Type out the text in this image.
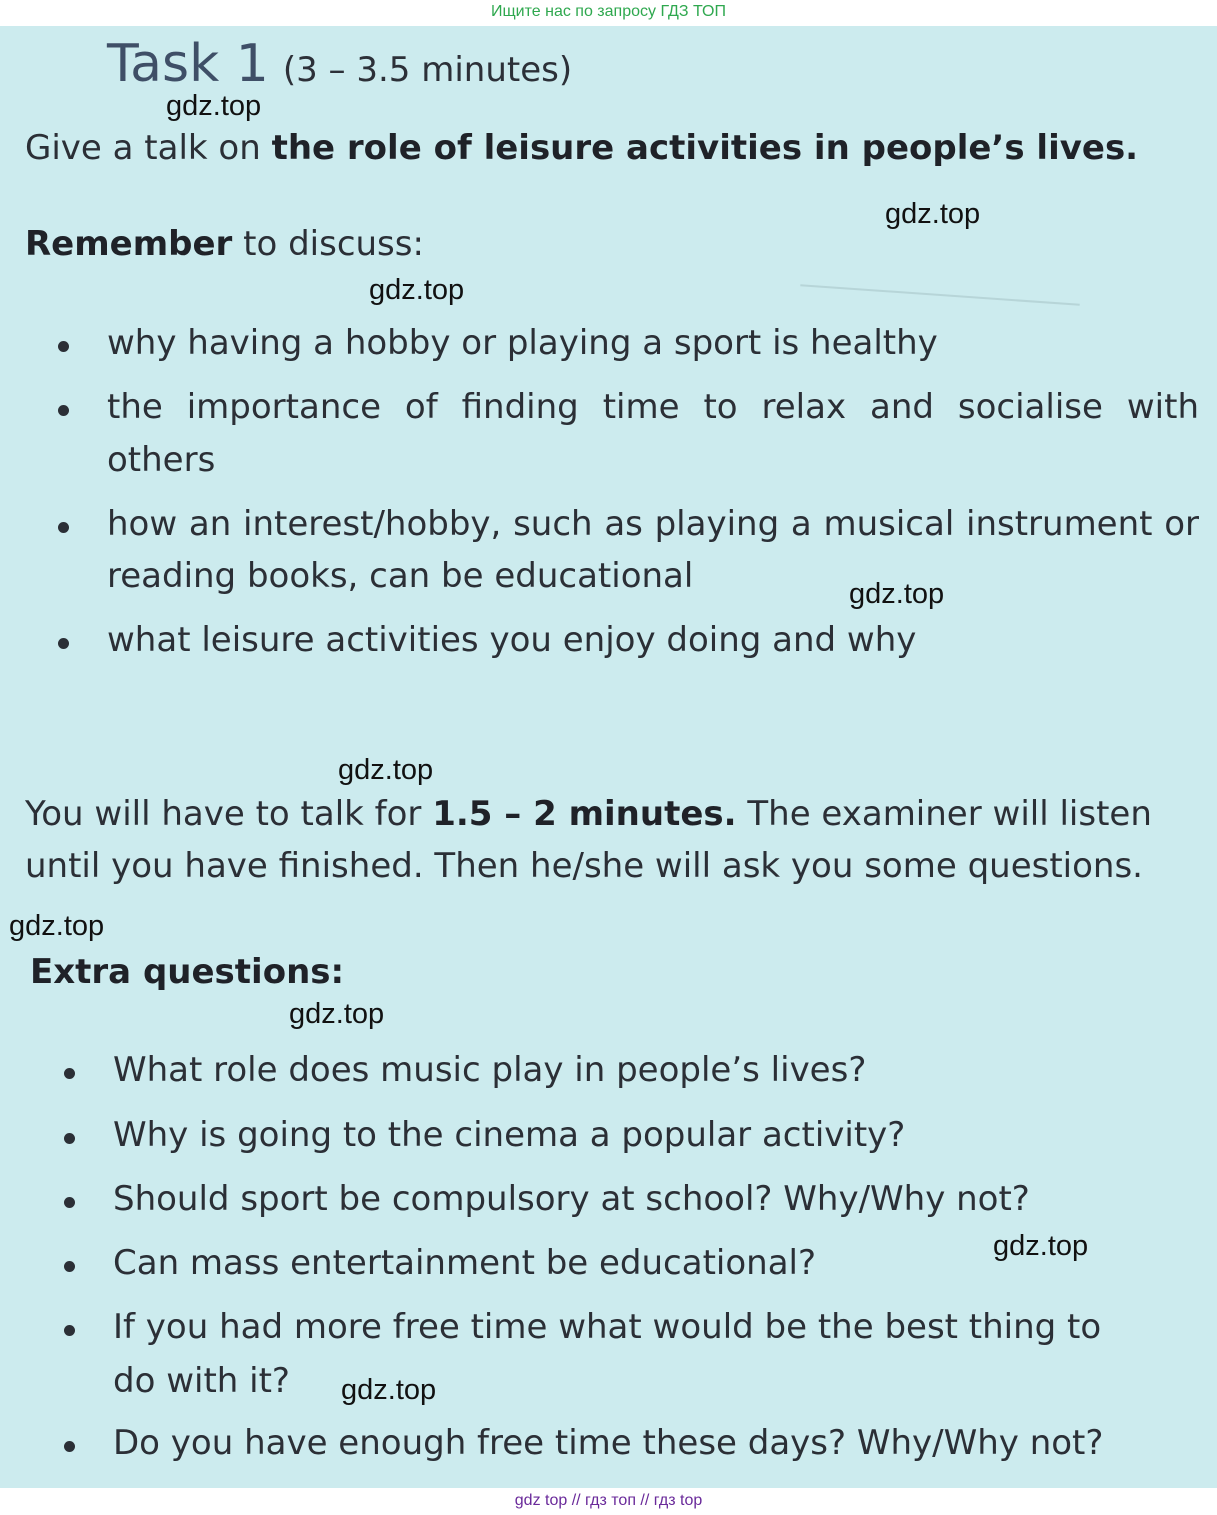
Ищите нас по запросу ГДЗ ТОП
Task 1 (3 – 3.5 minutes)
Give a talk on the role of leisure activities in people’s lives.
Remember to discuss:
why having a hobby or playing a sport is healthy
the importance of finding time to relax and socialise with
others
how an interest/hobby, such as playing a musical instrument or
reading books, can be educational
what leisure activities you enjoy doing and why
You will have to talk for 1.5 – 2 minutes. The examiner will listen
until you have finished. Then he/she will ask you some questions.
Extra questions:
What role does music play in people’s lives?
Why is going to the cinema a popular activity?
Should sport be compulsory at school? Why/Why not?
Can mass entertainment be educational?
If you had more free time what would be the best thing to
do with it?
Do you have enough free time these days? Why/Why not?
gdz.top
gdz.top
gdz.top
gdz.top
gdz.top
gdz.top
gdz.top
gdz.top
gdz.top
gdz top // гдз топ // гдз top
